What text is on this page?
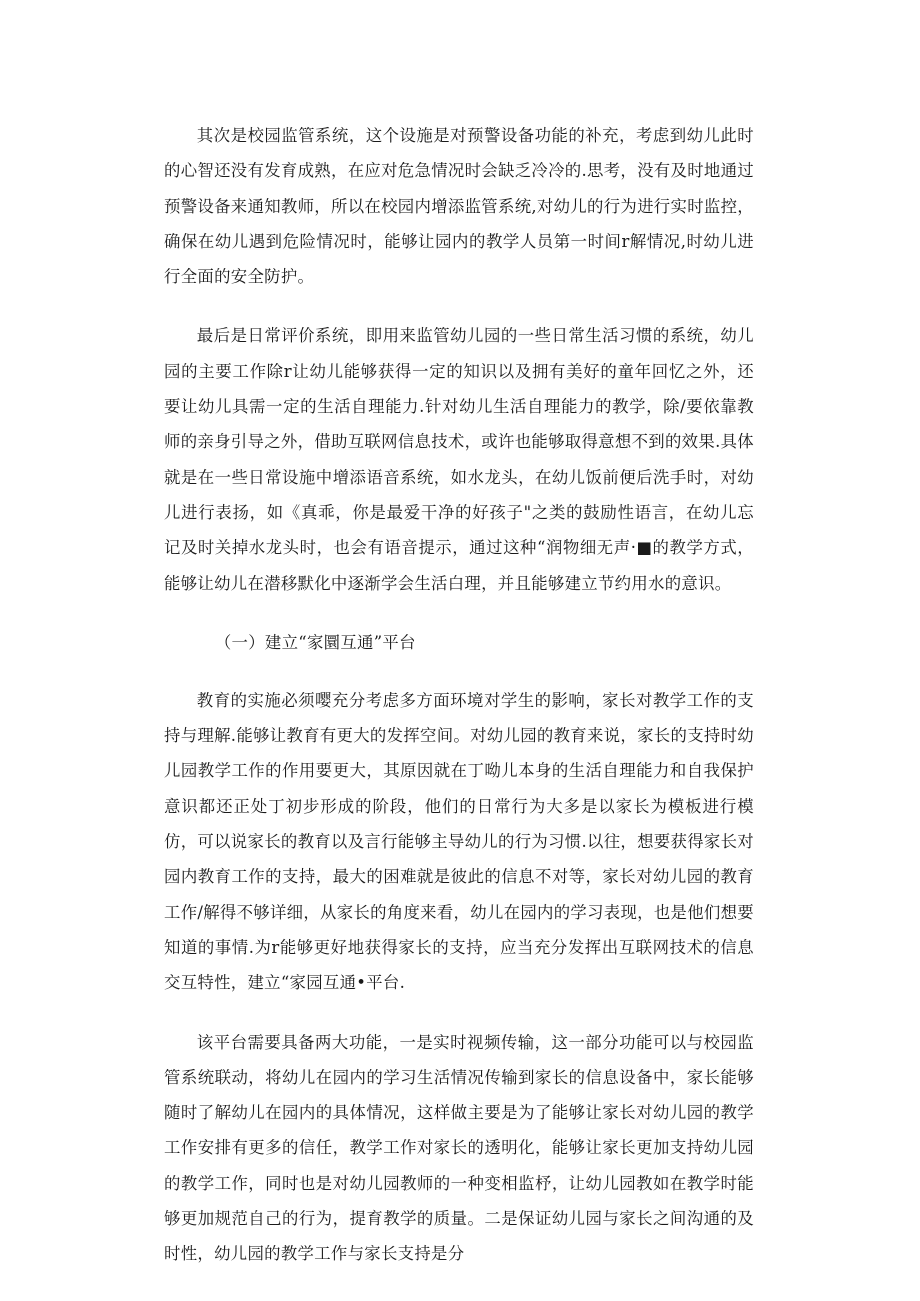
其次是校园监管系统，这个设施是对预警设备功能的补充，考虑到幼儿此时的心智还没有发育成熟，在应对危急情况时会缺乏冷冷的.思考，没有及时地通过预警设备来通知教师，所以在校园内增添监管系统,对幼儿的行为进行实时监控，确保在幼儿遇到危险情况时，能够让园内的教学人员第一时间r解情况,时幼儿进行全面的安全防护。

最后是日常评价系统，即用来监管幼儿园的一些日常生活习惯的系统，幼儿园的主要工作除r让幼儿能够获得一定的知识以及拥有美好的童年回忆之外，还要让幼儿具需一定的生活自理能力.针对幼儿生活自理能力的教学，除/要依靠教师的亲身引导之外，借助互联网信息技术，或许也能够取得意想不到的效果.具体就是在一些日常设施中增添语音系统，如水龙头，在幼儿饭前便后洗手时，对幼儿进行表扬，如《真乖，你是最爱干净的好孩子"之类的鼓励性语言，在幼儿忘记及时关掉水龙头时，也会有语音提示，通过这种“润物细无声·■的教学方式，能够让幼儿在潜移默化中逐渐学会生活白理，并且能够建立节约用水的意识。

（一）建立“家圜互通”平台

教育的实施必须嘤充分考虑多方面环境对学生的影响，家长对教学工作的支持与理解.能够让教育有更大的发挥空间。对幼儿园的教育来说，家长的支持时幼儿园教学工作的作用要更大，其原因就在丁呦儿本身的生活自理能力和自我保护意识都还正处丁初步形成的阶段，他们的日常行为大多是以家长为模板进行模仿，可以说家长的教育以及言行能够主导幼儿的行为习惯.以往，想要获得家长对园内教育工作的支持，最大的困难就是彼此的信息不对等，家长对幼儿园的教育工作/解得不够详细，从家长的角度来看，幼儿在园内的学习表现，也是他们想要知道的事情.为r能够更好地获得家长的支持，应当充分发挥出互联网技术的信息交互特性，建立“家园互通•平台.

该平台需要具备两大功能，一是实时视频传输，这一部分功能可以与校园监管系统联动，将幼儿在园内的学习生活情况传输到家长的信息设备中，家长能够随时了解幼儿在园内的具体情况，这样做主要是为了能够让家长对幼儿园的教学工作安排有更多的信任，教学工作对家长的透明化，能够让家长更加支持幼儿园的教学工作，同时也是对幼儿园教师的一种变相监杼，让幼儿园教如在教学时能够更加规范自己的行为，提育教学的质量。二是保证幼儿园与家长之间沟通的及时性，幼儿园的教学工作与家长支持是分
